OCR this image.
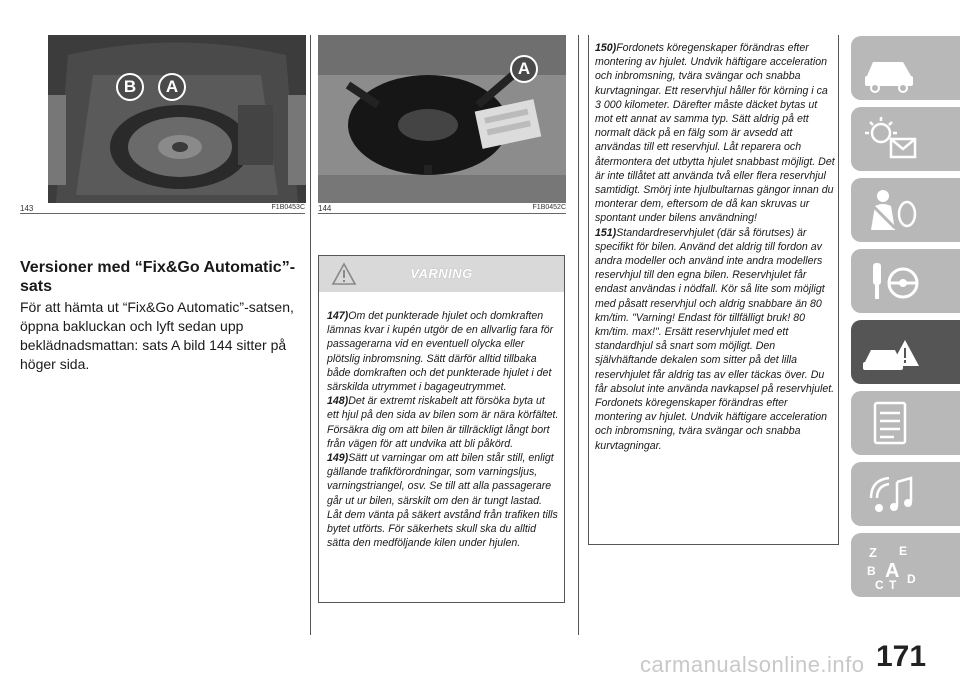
B	A
143	F1B0453C
A
144	F1B0452C
Versioner med “Fix&Go Automatic”-sats
För att hämta ut “Fix&Go Automatic”-satsen, öppna bakluckan och lyft sedan upp beklädnadsmattan: sats A bild 144 sitter på höger sida.
VARNING
147)Om det punkterade hjulet och domkraften lämnas kvar i kupén utgör de en allvarlig fara för passagerarna vid en eventuell olycka eller plötslig inbromsning. Sätt därför alltid tillbaka både domkraften och det punkterade hjulet i det särskilda utrymmet i bagageutrymmet.
148)Det är extremt riskabelt att försöka byta ut ett hjul på den sida av bilen som är nära körfältet. Försäkra dig om att bilen är tillräckligt långt bort från vägen för att undvika att bli påkörd.
149)Sätt ut varningar om att bilen står still, enligt gällande trafikförordningar, som varningsljus, varningstriangel, osv. Se till att alla passagerare går ut ur bilen, särskilt om den är tungt lastad. Låt dem vänta på säkert avstånd från trafiken tills bytet utförts. För säkerhets skull ska du alltid sätta den medföljande kilen under hjulen.
150)Fordonets köregenskaper förändras efter montering av hjulet. Undvik häftigare acceleration och inbromsning, tvära svängar och snabba kurvtagningar. Ett reservhjul håller för körning i ca 3 000 kilometer. Därefter måste däcket bytas ut mot ett annat av samma typ. Sätt aldrig på ett normalt däck på en fälg som är avsedd att användas till ett reservhjul. Låt reparera och återmontera det utbytta hjulet snabbast möjligt. Det är inte tillåtet att använda två eller flera reservhjul samtidigt. Smörj inte hjulbultarnas gängor innan du monterar dem, eftersom de då kan skruvas ur spontant under bilens användning!
151)Standardreservhjulet (där så förutses) är specifikt för bilen. Använd det aldrig till fordon av andra modeller och använd inte andra modellers reservhjul till den egna bilen. Reservhjulet får endast användas i nödfall. Kör så lite som möjligt med påsatt reservhjul och aldrig snabbare än 80 km/tim. "Varning! Endast för tillfälligt bruk! 80 km/tim. max!". Ersätt reservhjulet med ett standardhjul så snart som möjligt. Den självhäftande dekalen som sitter på det lilla reservhjulet får aldrig tas av eller täckas över. Du får absolut inte använda navkapsel på reservhjulet. Fordonets köregenskaper förändras efter montering av hjulet. Undvik häftigare acceleration och inbromsning, tvära svängar och snabba kurvtagningar.
Z E
B A
C T D
carmanualsonline.info 171
